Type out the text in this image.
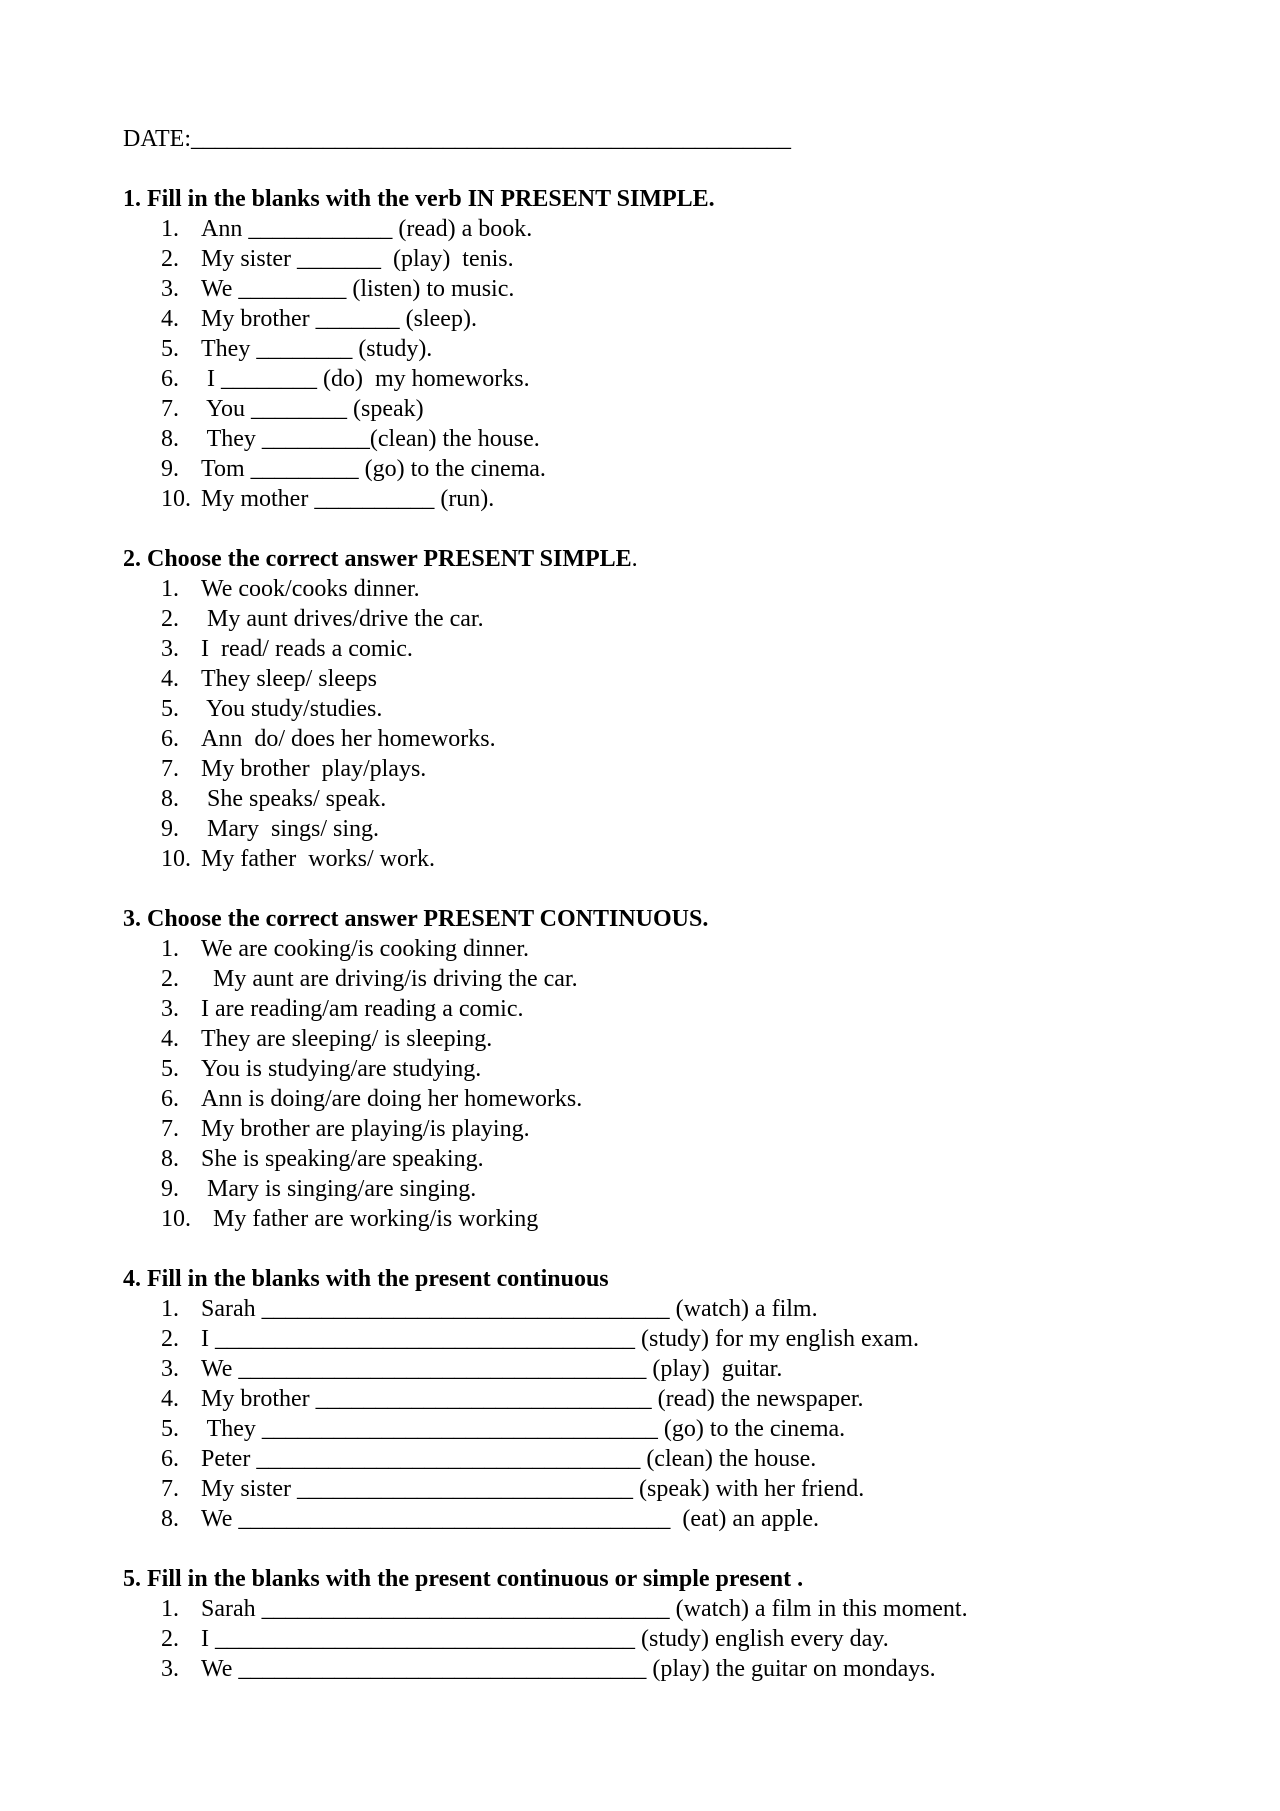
DATE:__________________________________________________
1. Fill in the blanks with the verb IN PRESENT SIMPLE.
1. Ann ____________ (read) a book.
2. My sister _______  (play)  tenis.
3. We _________ (listen) to music.
4. My brother _______ (sleep).
5. They ________ (study).
6. I ________ (do)  my homeworks.
7. You ________ (speak)
8. They _________(clean) the house.
9. Tom _________ (go) to the cinema.
10. My mother __________ (run).
2. Choose the correct answer PRESENT SIMPLE.
1. We cook/cooks dinner.
2. My aunt drives/drive the car.
3. I  read/ reads a comic.
4. They sleep/ sleeps
5. You study/studies.
6. Ann  do/ does her homeworks.
7. My brother  play/plays.
8. She speaks/ speak.
9. Mary  sings/ sing.
10. My father  works/ work.
3. Choose the correct answer PRESENT CONTINUOUS.
1. We are cooking/is cooking dinner.
2. My aunt are driving/is driving the car.
3. I are reading/am reading a comic.
4. They are sleeping/ is sleeping.
5. You is studying/are studying.
6. Ann is doing/are doing her homeworks.
7. My brother are playing/is playing.
8. She is speaking/are speaking.
9. Mary is singing/are singing.
10. My father are working/is working
4. Fill in the blanks with the present continuous
1. Sarah __________________________________ (watch) a film.
2. I ___________________________________ (study) for my english exam.
3. We __________________________________ (play)  guitar.
4. My brother ____________________________ (read) the newspaper.
5. They _________________________________ (go) to the cinema.
6. Peter ________________________________ (clean) the house.
7. My sister ____________________________ (speak) with her friend.
8. We ____________________________________  (eat) an apple.
5. Fill in the blanks with the present continuous or simple present .
1. Sarah __________________________________ (watch) a film in this moment.
2. I ___________________________________ (study) english every day.
3. We __________________________________ (play) the guitar on mondays.
